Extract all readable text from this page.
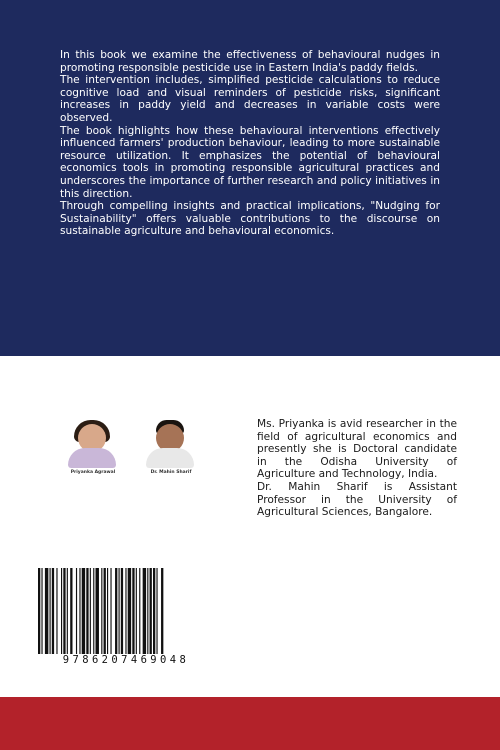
In this book we examine the effectiveness of behavioural nudges in promoting responsible pesticide use in Eastern India's paddy fields.

The intervention includes, simplified pesticide calculations to reduce cognitive load and visual reminders of pesticide risks, significant increases in paddy yield and decreases in variable costs were observed.

The book highlights how these behavioural interventions effectively influenced farmers' production behaviour, leading to more sustainable resource utilization. It emphasizes the potential of behavioural economics tools in promoting responsible agricultural practices and underscores the importance of further research and policy initiatives in this direction.

Through compelling insights and practical implications, "Nudging for Sustainability" offers valuable contributions to the discourse on sustainable agriculture and behavioural economics.

Priyanka Agrawal	Dr. Mahin Sharif

Ms. Priyanka is avid researcher in the field of agricultural economics and presently she is Doctoral candidate in the Odisha University of Agriculture and Technology, India.

Dr. Mahin Sharif is Assistant Professor in the University of Agricultural Sciences, Bangalore.

9786207469048
